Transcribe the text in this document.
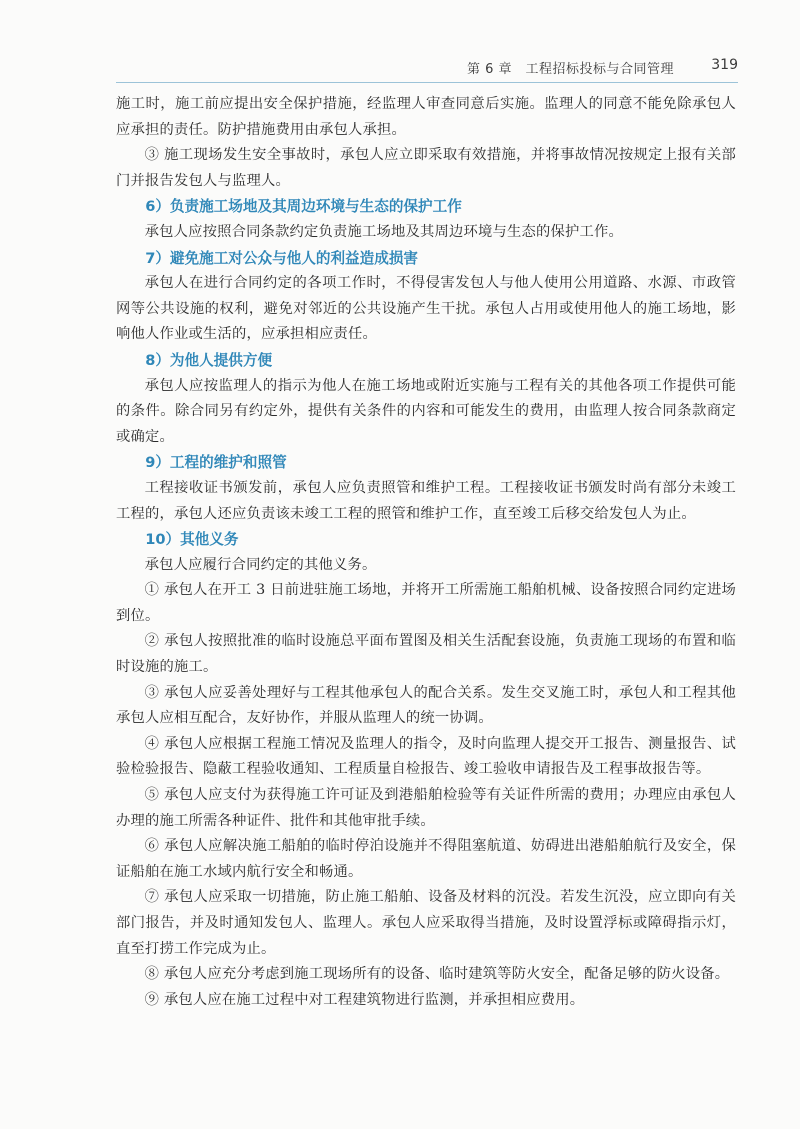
第 6 章　工程招标投标与合同管理	319

施工时，施工前应提出安全保护措施，经监理人审查同意后实施。监理人的同意不能免除承包人应承担的责任。防护措施费用由承包人承担。

③ 施工现场发生安全事故时，承包人应立即采取有效措施，并将事故情况按规定上报有关部门并报告发包人与监理人。

6）负责施工场地及其周边环境与生态的保护工作

承包人应按照合同条款约定负责施工场地及其周边环境与生态的保护工作。

7）避免施工对公众与他人的利益造成损害

承包人在进行合同约定的各项工作时，不得侵害发包人与他人使用公用道路、水源、市政管网等公共设施的权利，避免对邻近的公共设施产生干扰。承包人占用或使用他人的施工场地，影响他人作业或生活的，应承担相应责任。

8）为他人提供方便

承包人应按监理人的指示为他人在施工场地或附近实施与工程有关的其他各项工作提供可能的条件。除合同另有约定外，提供有关条件的内容和可能发生的费用，由监理人按合同条款商定或确定。

9）工程的维护和照管

工程接收证书颁发前，承包人应负责照管和维护工程。工程接收证书颁发时尚有部分未竣工工程的，承包人还应负责该未竣工工程的照管和维护工作，直至竣工后移交给发包人为止。

10）其他义务

承包人应履行合同约定的其他义务。

① 承包人在开工 3 日前进驻施工场地，并将开工所需施工船舶机械、设备按照合同约定进场到位。

② 承包人按照批准的临时设施总平面布置图及相关生活配套设施，负责施工现场的布置和临时设施的施工。

③ 承包人应妥善处理好与工程其他承包人的配合关系。发生交叉施工时，承包人和工程其他承包人应相互配合，友好协作，并服从监理人的统一协调。

④ 承包人应根据工程施工情况及监理人的指令，及时向监理人提交开工报告、测量报告、试验检验报告、隐蔽工程验收通知、工程质量自检报告、竣工验收申请报告及工程事故报告等。

⑤ 承包人应支付为获得施工许可证及到港船舶检验等有关证件所需的费用；办理应由承包人办理的施工所需各种证件、批件和其他审批手续。

⑥ 承包人应解决施工船舶的临时停泊设施并不得阻塞航道、妨碍进出港船舶航行及安全，保证船舶在施工水域内航行安全和畅通。

⑦ 承包人应采取一切措施，防止施工船舶、设备及材料的沉没。若发生沉没，应立即向有关部门报告，并及时通知发包人、监理人。承包人应采取得当措施，及时设置浮标或障碍指示灯，直至打捞工作完成为止。

⑧ 承包人应充分考虑到施工现场所有的设备、临时建筑等防火安全，配备足够的防火设备。

⑨ 承包人应在施工过程中对工程建筑物进行监测，并承担相应费用。
